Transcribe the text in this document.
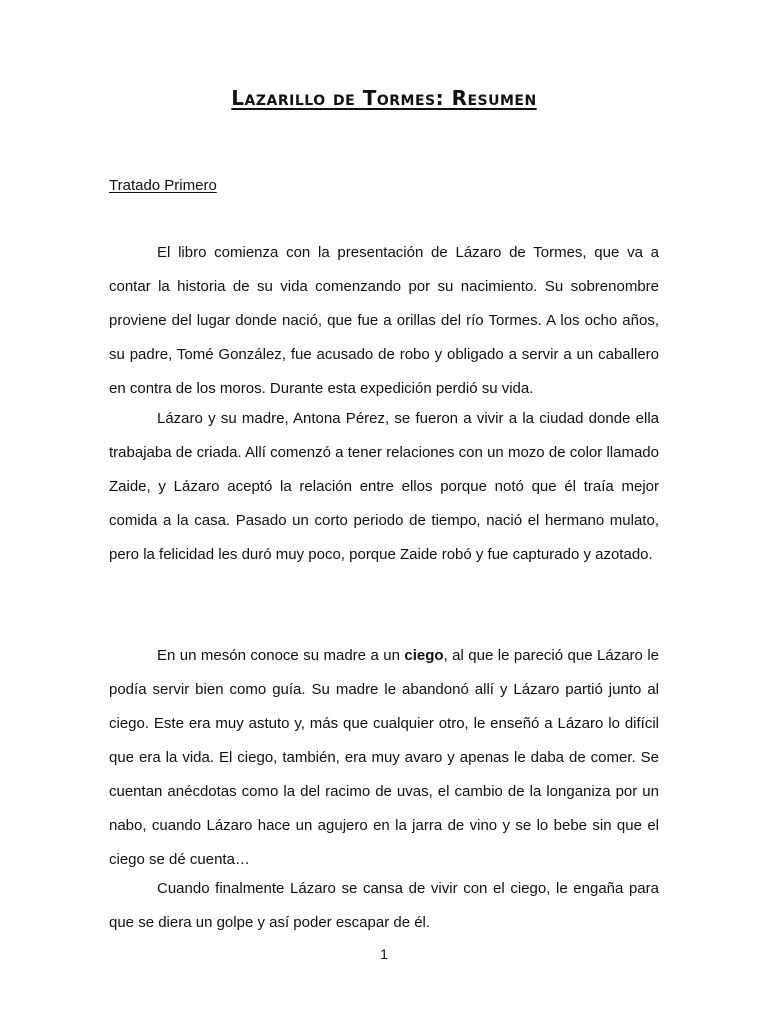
Lazarillo de Tormes: Resumen
Tratado Primero

El libro comienza con la presentación de Lázaro de Tormes, que va a contar la historia de su vida comenzando por su nacimiento. Su sobrenombre proviene del lugar donde nació, que fue a orillas del río Tormes. A los ocho años, su padre, Tomé González, fue acusado de robo y obligado a servir a un caballero en contra de los moros. Durante esta expedición perdió su vida.

Lázaro y su madre, Antona Pérez, se fueron a vivir a la ciudad donde ella trabajaba de criada. Allí comenzó a tener relaciones con un mozo de color llamado Zaide, y Lázaro aceptó la relación entre ellos porque notó que él traía mejor comida a la casa. Pasado un corto periodo de tiempo, nació el hermano mulato, pero la felicidad les duró muy poco, porque Zaide robó y fue capturado y azotado.

En un mesón conoce su madre a un ciego, al que le pareció que Lázaro le podía servir bien como guía. Su madre le abandonó allí y Lázaro partió junto al ciego. Este era muy astuto y, más que cualquier otro, le enseñó a Lázaro lo difícil que era la vida. El ciego, también, era muy avaro y apenas le daba de comer. Se cuentan anécdotas como la del racimo de uvas, el cambio de la longaniza por un nabo, cuando Lázaro hace un agujero en la jarra de vino y se lo bebe sin que el ciego se dé cuenta…

Cuando finalmente Lázaro se cansa de vivir con el ciego, le engaña para que se diera un golpe y así poder escapar de él.

1
